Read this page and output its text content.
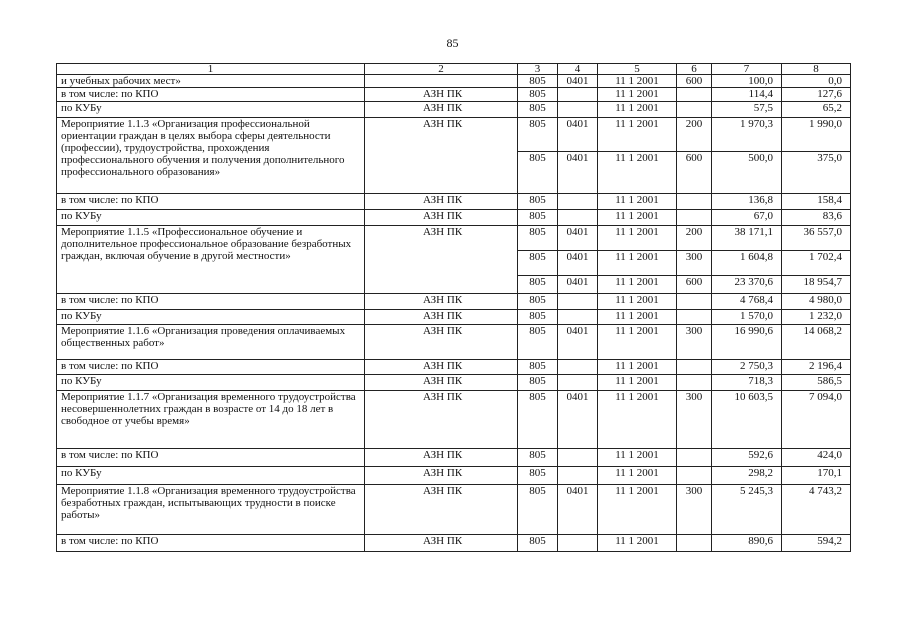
85
1	2	3	4	5	6	7	8
и учебных рабочих мест»		805	0401	11 1 2001	600	100,0	0,0
в том числе: по КПО	АЗН ПК	805		11 1 2001		114,4	127,6
по КУБу	АЗН ПК	805		11 1 2001		57,5	65,2
Мероприятие 1.1.3 «Организация профессиональной ориентации граждан в целях выбора сферы деятельности (профессии), трудоустройства, прохождения профессионального обучения и получения дополнительного профессионального образования»	АЗН ПК	805	0401	11 1 2001	200	1 970,3	1 990,0
		805	0401	11 1 2001	600	500,0	375,0
в том числе: по КПО	АЗН ПК	805		11 1 2001		136,8	158,4
по КУБу	АЗН ПК	805		11 1 2001		67,0	83,6
Мероприятие 1.1.5 «Профессиональное обучение и дополнительное профессиональное образование безработных граждан, включая обучение в другой местности»	АЗН ПК	805	0401	11 1 2001	200	38 171,1	36 557,0
		805	0401	11 1 2001	300	1 604,8	1 702,4
		805	0401	11 1 2001	600	23 370,6	18 954,7
в том числе: по КПО	АЗН ПК	805		11 1 2001		4 768,4	4 980,0
по КУБу	АЗН ПК	805		11 1 2001		1 570,0	1 232,0
Мероприятие 1.1.6 «Организация проведения оплачиваемых общественных работ»	АЗН ПК	805	0401	11 1 2001	300	16 990,6	14 068,2
в том числе: по КПО	АЗН ПК	805		11 1 2001		2 750,3	2 196,4
по КУБу	АЗН ПК	805		11 1 2001		718,3	586,5
Мероприятие 1.1.7 «Организация временного трудоустройства несовершеннолетних граждан в возрасте от 14 до 18 лет в свободное от учебы время»	АЗН ПК	805	0401	11 1 2001	300	10 603,5	7 094,0
в том числе: по КПО	АЗН ПК	805		11 1 2001		592,6	424,0
по КУБу	АЗН ПК	805		11 1 2001		298,2	170,1
Мероприятие 1.1.8 «Организация временного трудоустройства безработных граждан, испытывающих трудности в поиске работы»	АЗН ПК	805	0401	11 1 2001	300	5 245,3	4 743,2
в том числе: по КПО	АЗН ПК	805		11 1 2001		890,6	594,2
